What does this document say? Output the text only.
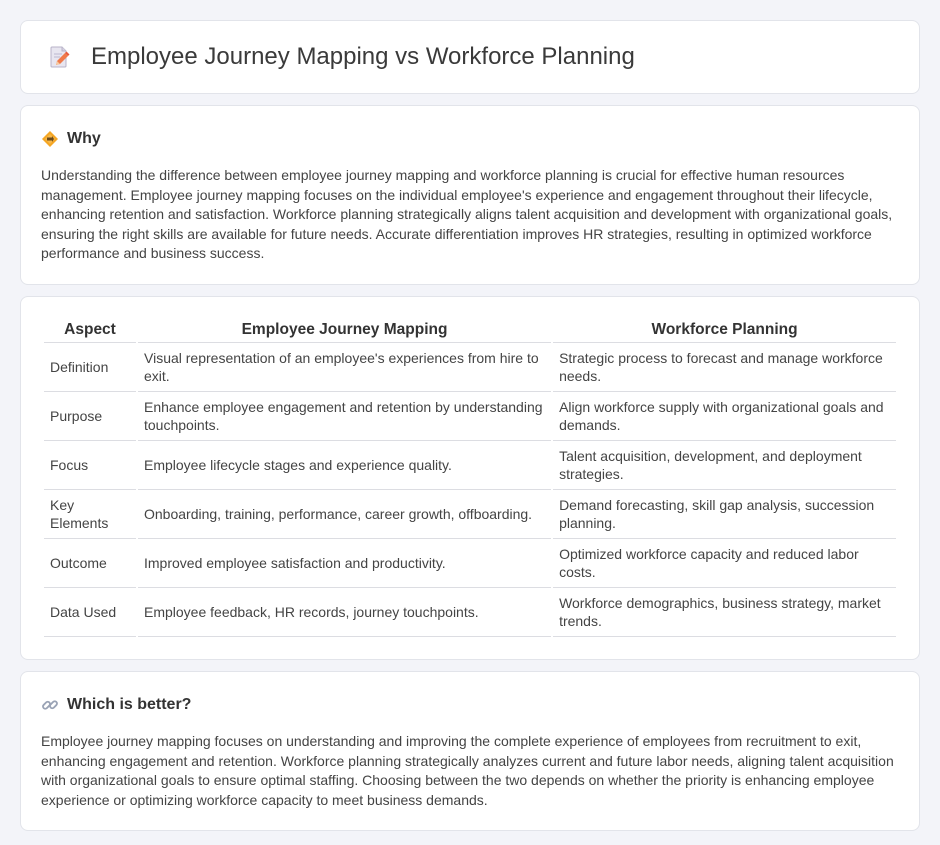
Employee Journey Mapping vs Workforce Planning
Why

Understanding the difference between employee journey mapping and workforce planning is crucial for effective human resources management. Employee journey mapping focuses on the individual employee's experience and engagement throughout their lifecycle, enhancing retention and satisfaction. Workforce planning strategically aligns talent acquisition and development with organizational goals, ensuring the right skills are available for future needs. Accurate differentiation improves HR strategies, resulting in optimized workforce performance and business success.

Aspect	Employee Journey Mapping	Workforce Planning
Definition	Visual representation of an employee's experiences from hire to exit.	Strategic process to forecast and manage workforce needs.
Purpose	Enhance employee engagement and retention by understanding touchpoints.	Align workforce supply with organizational goals and demands.
Focus	Employee lifecycle stages and experience quality.	Talent acquisition, development, and deployment strategies.
Key Elements	Onboarding, training, performance, career growth, offboarding.	Demand forecasting, skill gap analysis, succession planning.
Outcome	Improved employee satisfaction and productivity.	Optimized workforce capacity and reduced labor costs.
Data Used	Employee feedback, HR records, journey touchpoints.	Workforce demographics, business strategy, market trends.
Which is better?

Employee journey mapping focuses on understanding and improving the complete experience of employees from recruitment to exit, enhancing engagement and retention. Workforce planning strategically analyzes current and future labor needs, aligning talent acquisition with organizational goals to ensure optimal staffing. Choosing between the two depends on whether the priority is enhancing employee experience or optimizing workforce capacity to meet business demands.
